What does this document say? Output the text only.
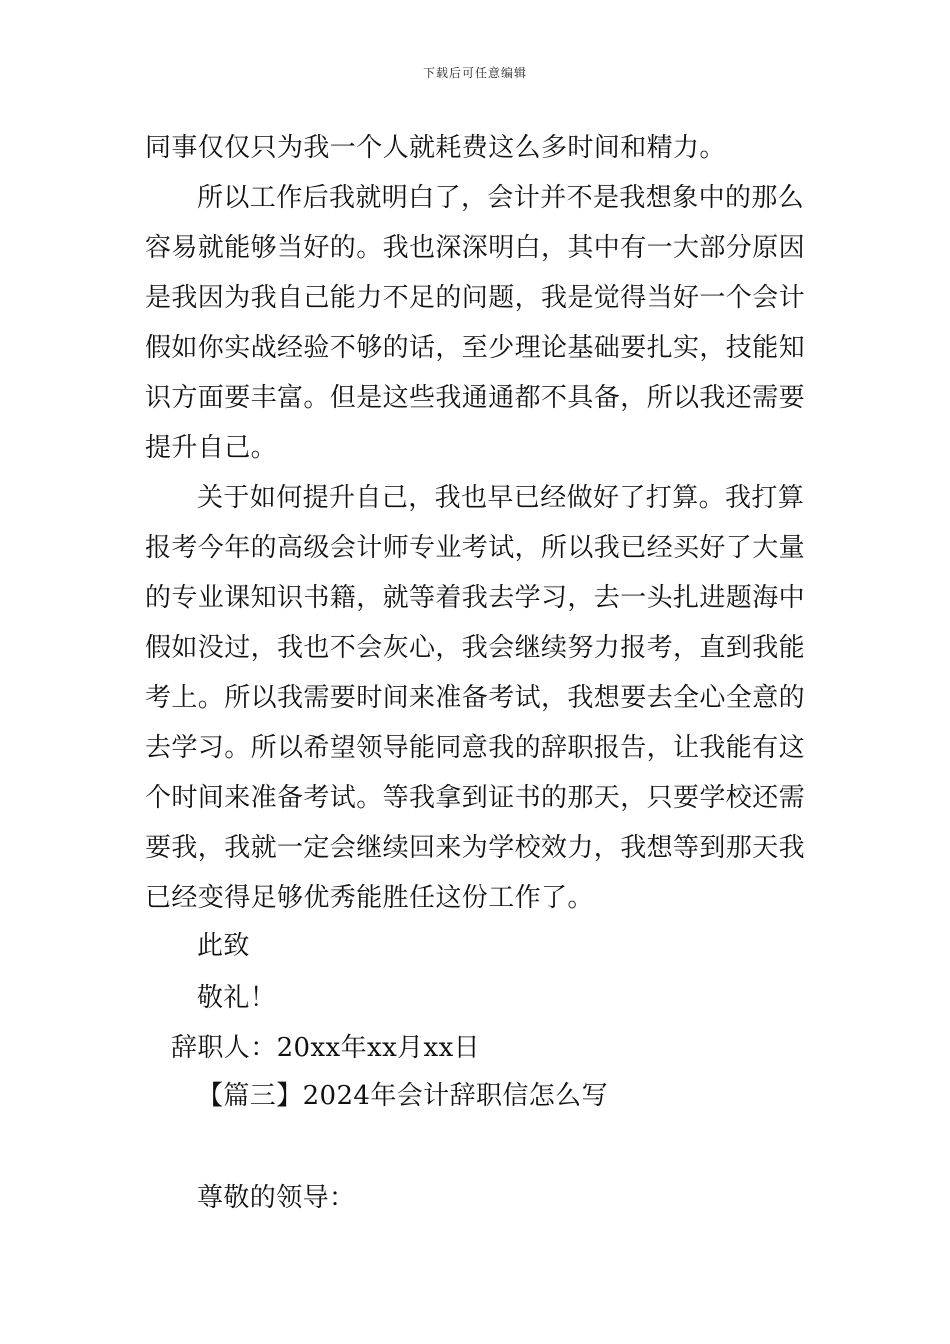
下载后可任意编辑
同事仅仅只为我一个人就耗费这么多时间和精力。
所以工作后我就明白了，会计并不是我想象中的那么
容易就能够当好的。我也深深明白，其中有一大部分原因
是我因为我自己能力不足的问题，我是觉得当好一个会计
假如你实战经验不够的话，至少理论基础要扎实，技能知
识方面要丰富。但是这些我通通都不具备，所以我还需要
提升自己。
关于如何提升自己，我也早已经做好了打算。我打算
报考今年的高级会计师专业考试，所以我已经买好了大量
的专业课知识书籍，就等着我去学习，去一头扎进题海中
假如没过，我也不会灰心，我会继续努力报考，直到我能
考上。所以我需要时间来准备考试，我想要去全心全意的
去学习。所以希望领导能同意我的辞职报告，让我能有这
个时间来准备考试。等我拿到证书的那天，只要学校还需
要我，我就一定会继续回来为学校效力，我想等到那天我
已经变得足够优秀能胜任这份工作了。
此致
敬礼！
辞职人：20xx年xx月xx日
【篇三】2024年会计辞职信怎么写
尊敬的领导：
